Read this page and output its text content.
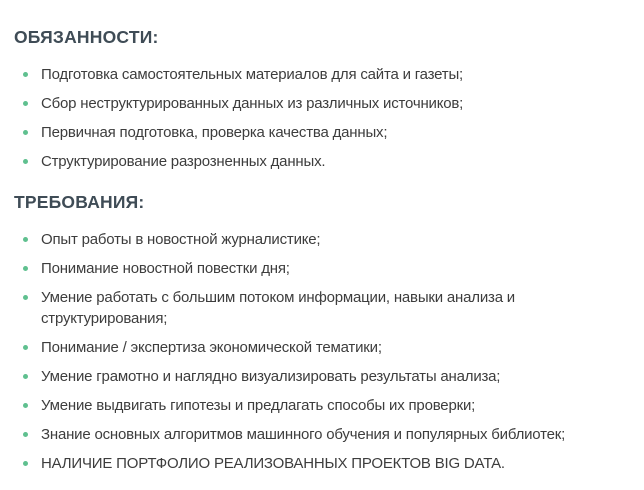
ОБЯЗАННОСТИ:
Подготовка самостоятельных материалов для сайта и газеты;
Сбор неструктурированных данных из различных источников;
Первичная подготовка, проверка качества данных;
Структурирование разрозненных данных.
ТРЕБОВАНИЯ:
Опыт работы в новостной журналистике;
Понимание новостной повестки дня;
Умение работать с большим потоком информации, навыки анализа и структурирования;
Понимание / экспертиза экономической тематики;
Умение грамотно и наглядно визуализировать результаты анализа;
Умение выдвигать гипотезы и предлагать способы их проверки;
Знание основных алгоритмов машинного обучения и популярных библиотек;
НАЛИЧИЕ ПОРТФОЛИО РЕАЛИЗОВАННЫХ ПРОЕКТОВ BIG DATA.
